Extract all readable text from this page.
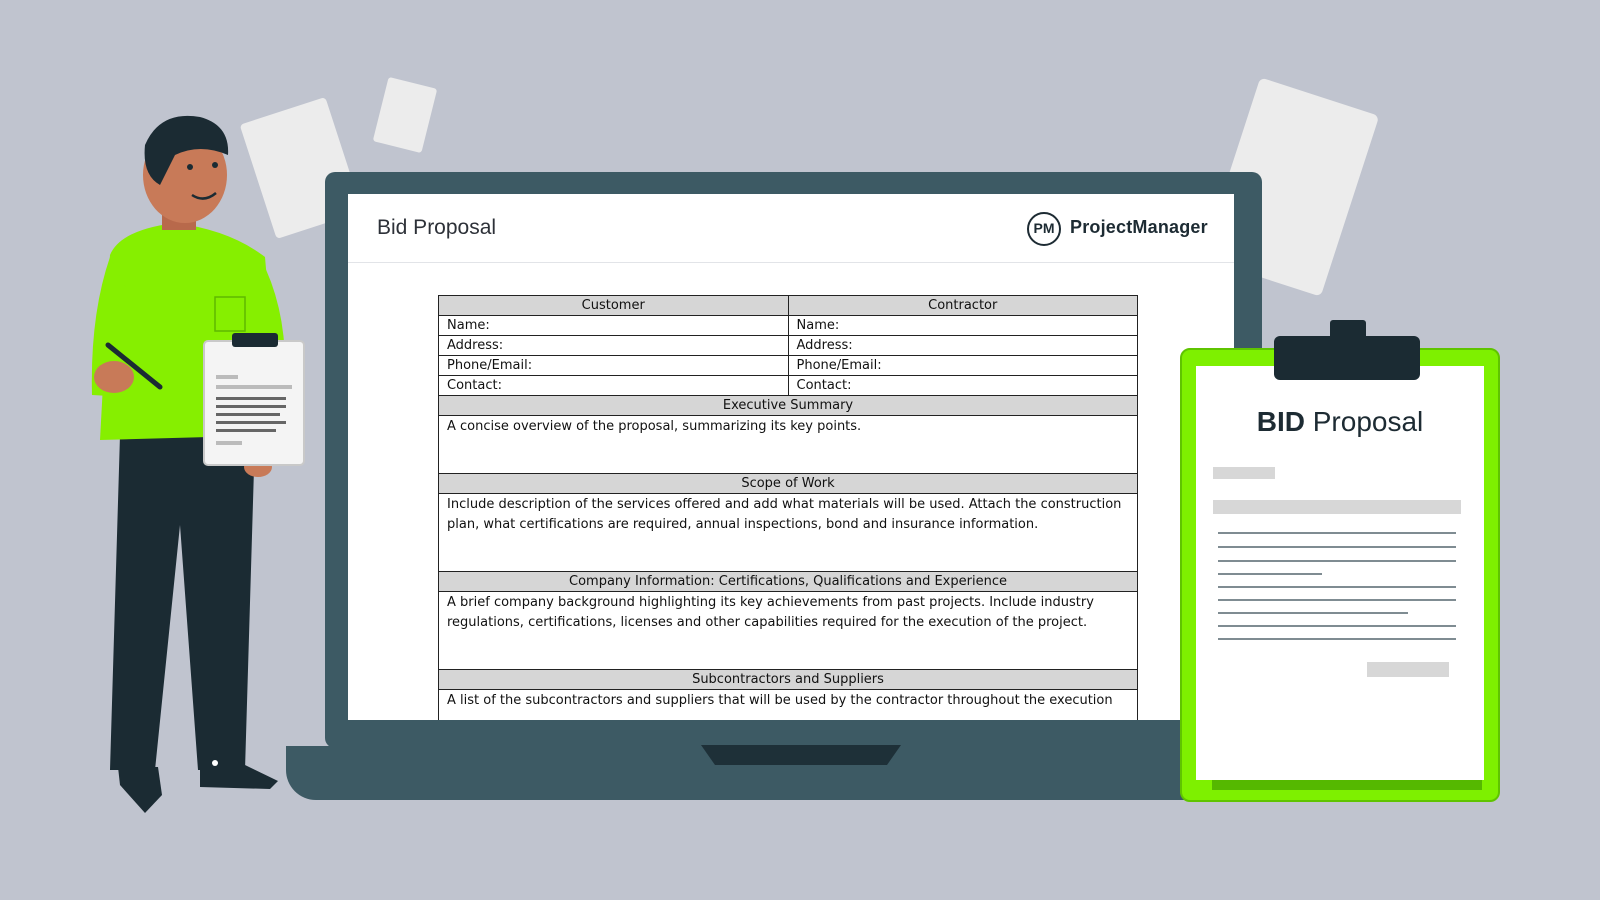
Bid Proposal	PM ProjectManager
Customer	Contractor
Name:	Name:
Address:	Address:
Phone/Email:	Phone/Email:
Contact:	Contact:
Executive Summary	
A concise overview of the proposal, summarizing its key points.	
Scope of Work	
Include description of the services offered and add what materials will be used. Attach the construction plan, what certifications are required, annual inspections, bond and insurance information.	
Company Information: Certifications, Qualifications and Experience	
A brief company background highlighting its key achievements from past projects. Include industry regulations, certifications, licenses and other capabilities required for the execution of the project.	
Subcontractors and Suppliers	
A list of the subcontractors and suppliers that will be used by the contractor throughout the execution	
BID Proposal
